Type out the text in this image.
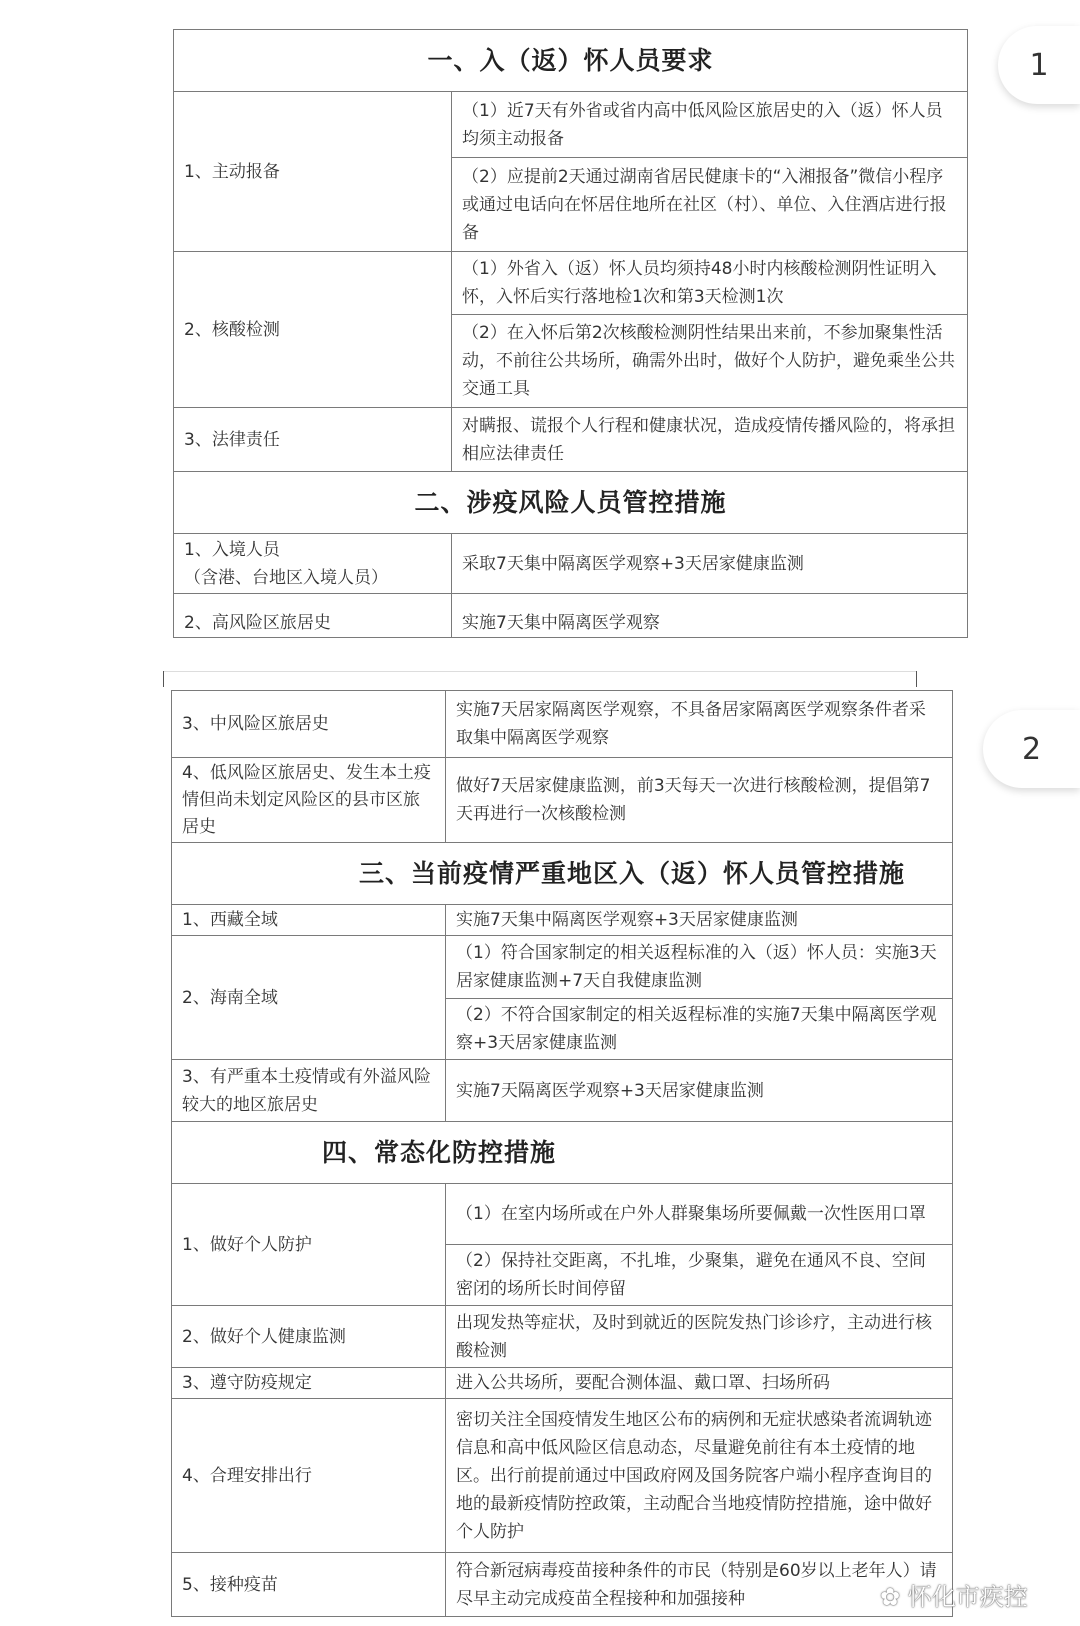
一、入（返）怀人员要求	
1、主动报备	（1）近7天有外省或省内高中低风险区旅居史的入（返）怀人员均须主动报备
	（2）应提前2天通过湖南省居民健康卡的“入湘报备”微信小程序或通过电话向在怀居住地所在社区（村）、单位、入住酒店进行报备
2、核酸检测	（1）外省入（返）怀人员均须持48小时内核酸检测阴性证明入怀，入怀后实行落地检1次和第3天检测1次
	（2）在入怀后第2次核酸检测阴性结果出来前，不参加聚集性活动，不前往公共场所，确需外出时，做好个人防护，避免乘坐公共交通工具
3、法律责任	对瞒报、谎报个人行程和健康状况，造成疫情传播风险的，将承担相应法律责任
二、涉疫风险人员管控措施	

1、入境人员
（含港、台地区入境人员）	采取7天集中隔离医学观察+3天居家健康监测
2、高风险区旅居史	实施7天集中隔离医学观察
1
3、中风险区旅居史	实施7天居家隔离医学观察，不具备居家隔离医学观察条件者采取集中隔离医学观察
4、低风险区旅居史、发生本土疫情但尚未划定风险区的县市区旅居史	做好7天居家健康监测，前3天每天一次进行核酸检测，提倡第7天再进行一次核酸检测
三、当前疫情严重地区入（返）怀人员管控措施	
1、西藏全域	实施7天集中隔离医学观察+3天居家健康监测
2、海南全域	（1）符合国家制定的相关返程标准的入（返）怀人员：实施3天居家健康监测+7天自我健康监测
	（2）不符合国家制定的相关返程标准的实施7天集中隔离医学观察+3天居家健康监测
3、有严重本土疫情或有外溢风险较大的地区旅居史	实施7天隔离医学观察+3天居家健康监测
四、常态化防控措施	
1、做好个人防护	（1）在室内场所或在户外人群聚集场所要佩戴一次性医用口罩
	（2）保持社交距离，不扎堆，少聚集，避免在通风不良、空间密闭的场所长时间停留
2、做好个人健康监测	出现发热等症状，及时到就近的医院发热门诊诊疗，主动进行核酸检测
3、遵守防疫规定	进入公共场所，要配合测体温、戴口罩、扫场所码
4、合理安排出行	密切关注全国疫情发生地区公布的病例和无症状感染者流调轨迹信息和高中低风险区信息动态，尽量避免前往有本土疫情的地区。出行前提前通过中国政府网及国务院客户端小程序查询目的地的最新疫情防控政策，主动配合当地疫情防控措施，途中做好个人防护
5、接种疫苗	符合新冠病毒疫苗接种条件的市民（特别是60岁以上老年人）请尽早主动完成疫苗全程接种和加强接种
2
✿ 怀化市疾控
